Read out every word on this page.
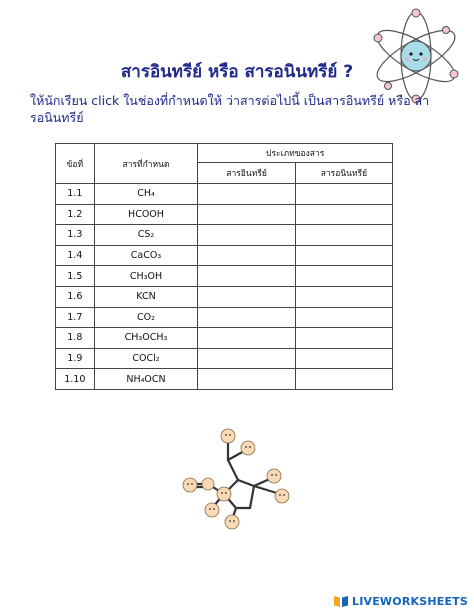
สารอินทรีย์ หรือ สารอนินทรีย์ ?

ให้นักเรียน click ในช่องที่กำหนดให้ ว่าสารต่อไปนี้ เป็นสารอินทรีย์ หรือ สารอนินทรีย์

ข้อที่	สารที่กำหนด	ประเภทของสาร	
		สารอินทรีย์	สารอนินทรีย์
1.1	CH₄		
1.2	HCOOH		
1.3	CS₂		
1.4	CaCO₃		
1.5	CH₃OH		
1.6	KCN		
1.7	CO₂		
1.8	CH₃OCH₃		
1.9	COCl₂		
1.10	NH₄OCN		
LIVEWORKSHEETS
